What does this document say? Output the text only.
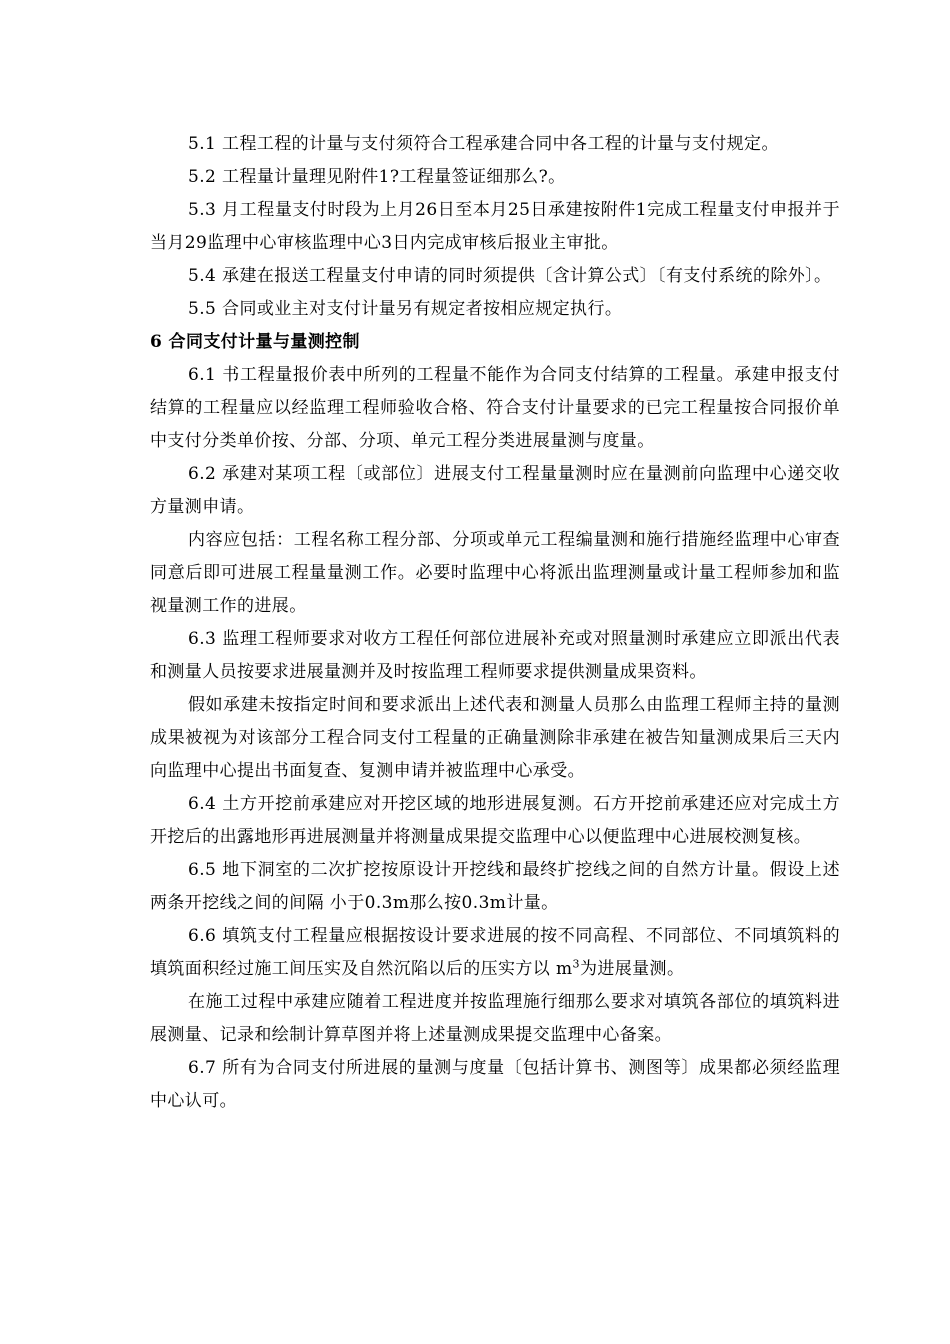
5.1 工程工程的计量与支付须符合工程承建合同中各工程的计量与支付规定。

5.2 工程量计量理见附件1?工程量签证细那么?。

5.3 月工程量支付时段为上月26日至本月25日承建按附件1完成工程量支付申报并于当月29监理中心审核监理中心3日内完成审核后报业主审批。

5.4 承建在报送工程量支付申请的同时须提供〔含计算公式〕〔有支付系统的除外〕。

5.5 合同或业主对支付计量另有规定者按相应规定执行。

6 合同支付计量与量测控制

6.1 书工程量报价表中所列的工程量不能作为合同支付结算的工程量。承建申报支付结算的工程量应以经监理工程师验收合格、符合支付计量要求的已完工程量按合同报价单中支付分类单价按、分部、分项、单元工程分类进展量测与度量。

6.2 承建对某项工程〔或部位〕进展支付工程量量测时应在量测前向监理中心递交收方量测申请。

内容应包括：工程名称工程分部、分项或单元工程编量测和施行措施经监理中心审查同意后即可进展工程量量测工作。必要时监理中心将派出监理测量或计量工程师参加和监视量测工作的进展。

6.3 监理工程师要求对收方工程任何部位进展补充或对照量测时承建应立即派出代表和测量人员按要求进展量测并及时按监理工程师要求提供测量成果资料。

假如承建未按指定时间和要求派出上述代表和测量人员那么由监理工程师主持的量测成果被视为对该部分工程合同支付工程量的正确量测除非承建在被告知量测成果后三天内向监理中心提出书面复查、复测申请并被监理中心承受。

6.4 土方开挖前承建应对开挖区域的地形进展复测。石方开挖前承建还应对完成土方开挖后的出露地形再进展测量并将测量成果提交监理中心以便监理中心进展校测复核。

6.5 地下洞室的二次扩挖按原设计开挖线和最终扩挖线之间的自然方计量。假设上述两条开挖线之间的间隔 小于0.3m那么按0.3m计量。

6.6 填筑支付工程量应根据按设计要求进展的按不同高程、不同部位、不同填筑料的填筑面积经过施工间压实及自然沉陷以后的压实方以 $m^3$为进展量测。

在施工过程中承建应随着工程进度并按监理施行细那么要求对填筑各部位的填筑料进展测量、记录和绘制计算草图并将上述量测成果提交监理中心备案。

6.7 所有为合同支付所进展的量测与度量〔包括计算书、测图等〕成果都必须经监理中心认可。
